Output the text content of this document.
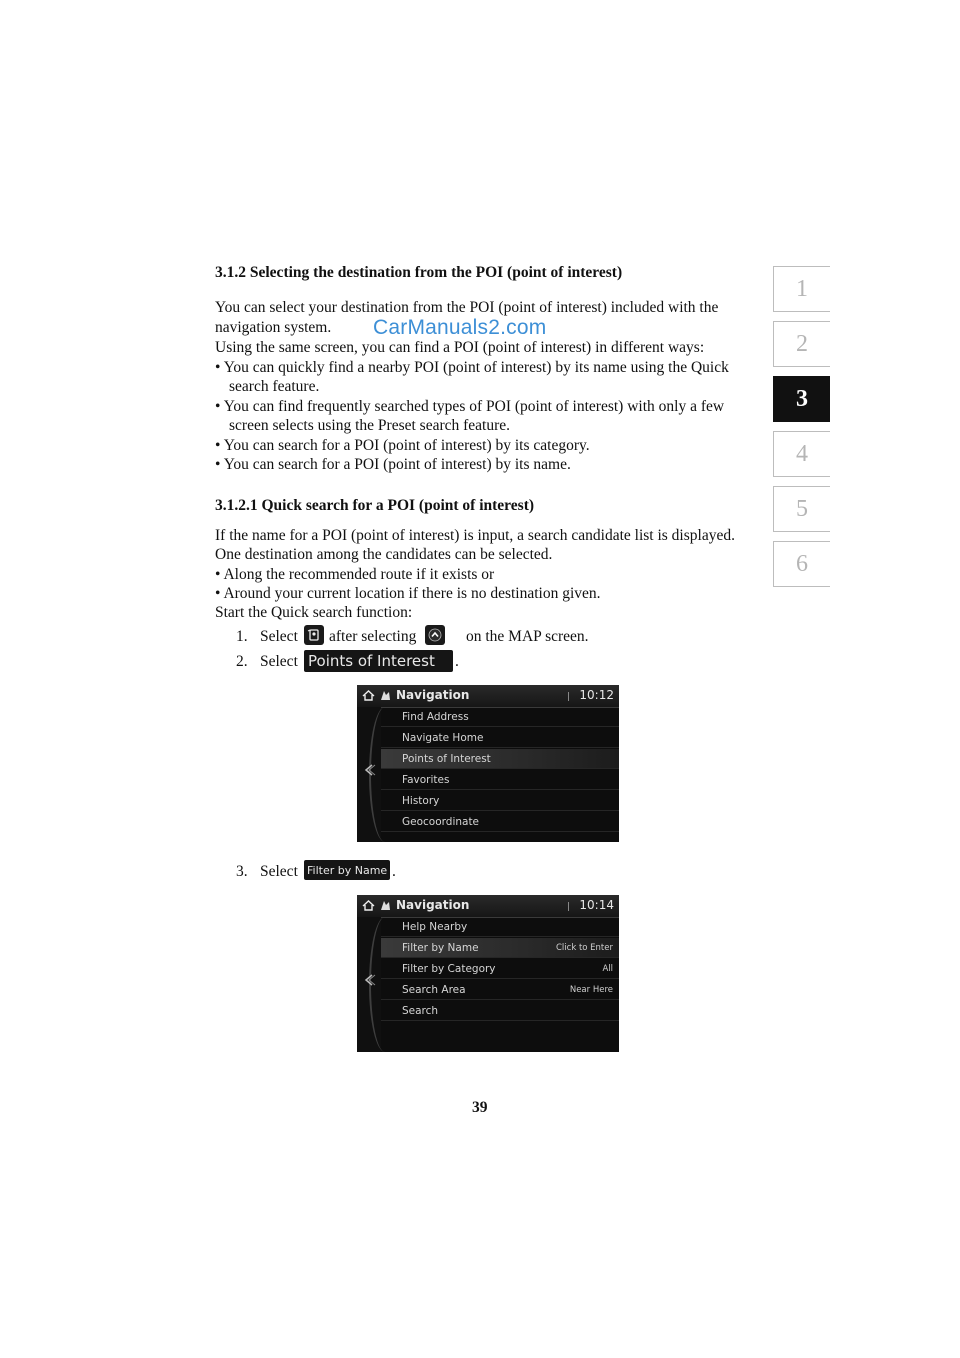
3.1.2 Selecting the destination from the POI (point of interest)
You can select your destination from the POI (point of interest) included with the
navigation system.
Using the same screen, you can find a POI (point of interest) in different ways:
CarManuals2.com
• You can quickly find a nearby POI (point of interest) by its name using the Quick
search feature.
• You can find frequently searched types of POI (point of interest) with only a few
screen selects using the Preset search feature.
• You can search for a POI (point of interest) by its category.
• You can search for a POI (point of interest) by its name.
3.1.2.1 Quick search for a POI (point of interest)
If the name for a POI (point of interest) is input, a search candidate list is displayed.
One destination among the candidates can be selected.
• Along the recommended route if it exists or
• Around your current location if there is no destination given.
Start the Quick search function:
1. Select after selecting	on the MAP screen.
2. Select Points of Interest	.
Navigation	10:12
Find Address
Navigate Home
Points of Interest
Favorites
History
Geocoordinate
3. Select Filter by Name .
Navigation	10:14
Help Nearby
Filter by Name	Click to Enter
Filter by Category	All
Search Area	Near Here
Search
1
2
3
4
5
6
39
